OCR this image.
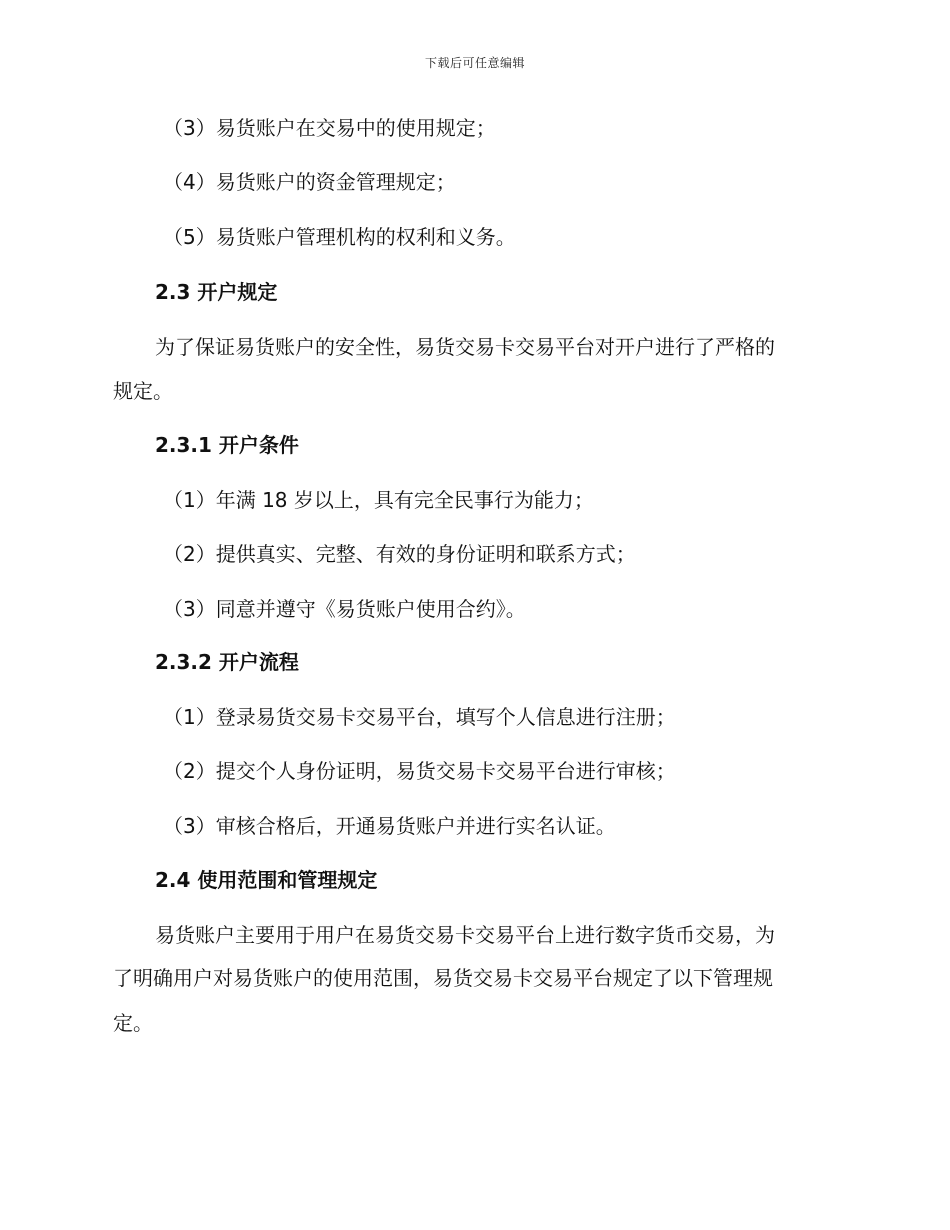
下载后可任意编辑
（3）易货账户在交易中的使用规定；
（4）易货账户的资金管理规定；
（5）易货账户管理机构的权利和义务。
2.3 开户规定
为了保证易货账户的安全性，易货交易卡交易平台对开户进行了严格的
规定。
2.3.1 开户条件
（1）年满 18 岁以上，具有完全民事行为能力；
（2）提供真实、完整、有效的身份证明和联系方式；
（3）同意并遵守《易货账户使用合约》。
2.3.2 开户流程
（1）登录易货交易卡交易平台，填写个人信息进行注册；
（2）提交个人身份证明，易货交易卡交易平台进行审核；
（3）审核合格后，开通易货账户并进行实名认证。
2.4 使用范围和管理规定
易货账户主要用于用户在易货交易卡交易平台上进行数字货币交易，为
了明确用户对易货账户的使用范围，易货交易卡交易平台规定了以下管理规
定。
